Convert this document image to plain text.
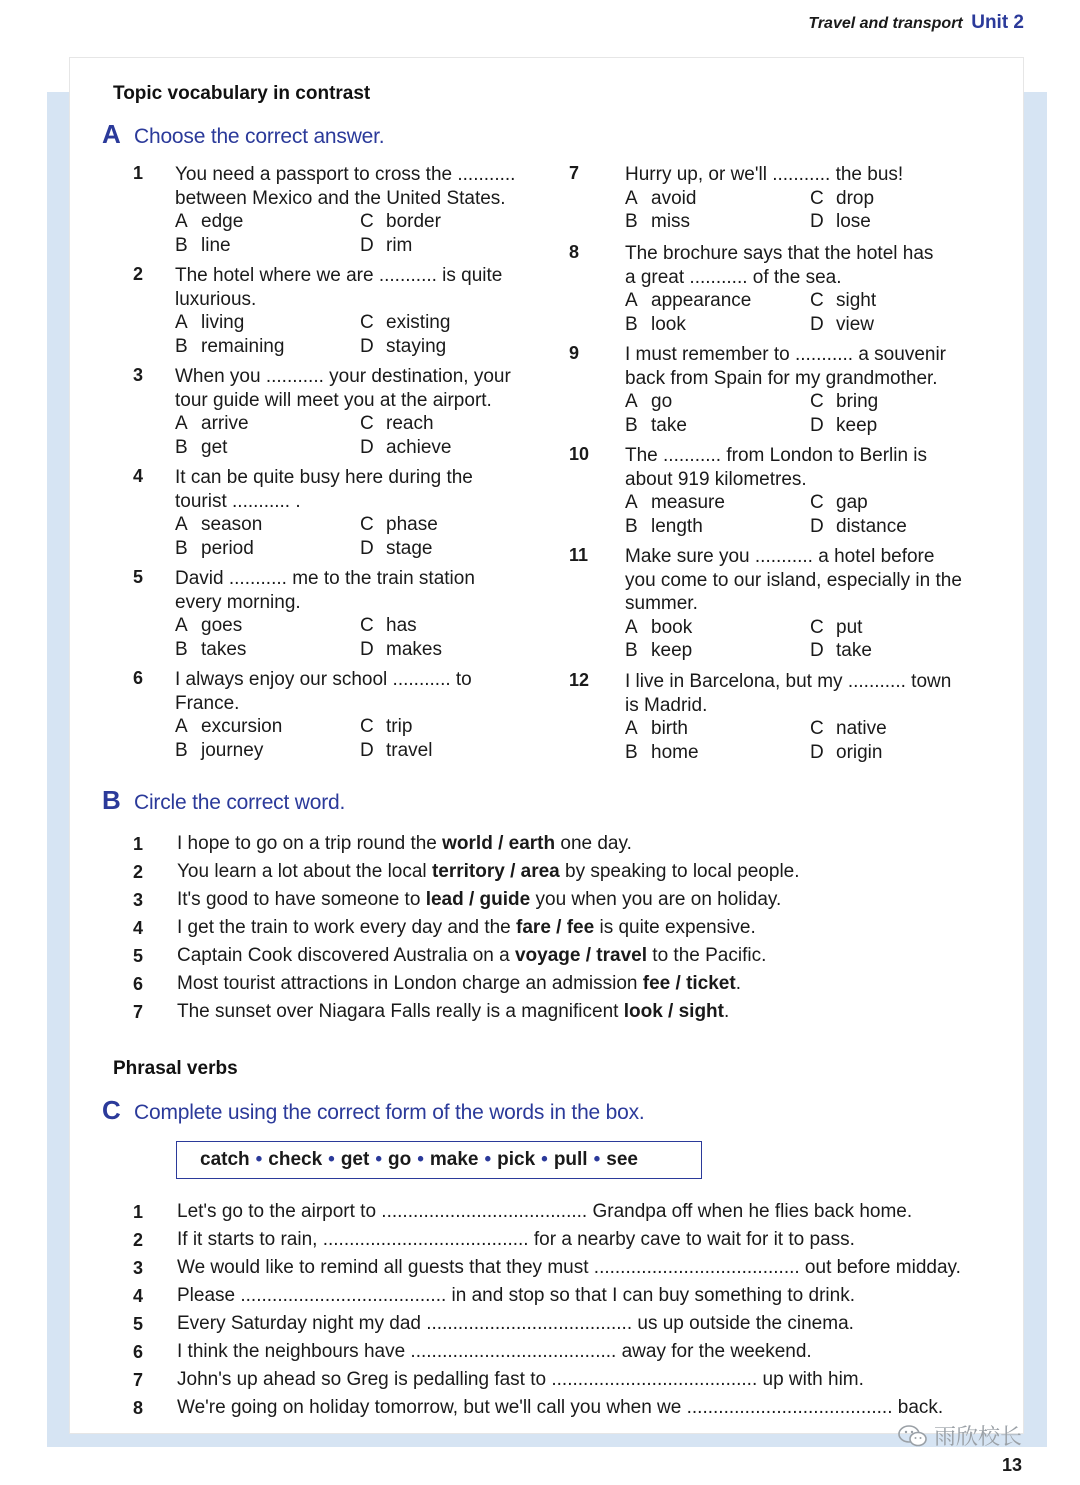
Travel and transport Unit 2
Topic vocabulary in contrast
A Choose the correct answer.
1	You need a passport to cross the ...........
between Mexico and the United States.
A edge	C border
B line	D rim
2	The hotel where we are ........... is quite
luxurious.
A living	C existing
B remaining	D staying
3	When you ........... your destination, your
tour guide will meet you at the airport.
A arrive	C reach
B get	D achieve
4	It can be quite busy here during the
tourist ........... .
A season	C phase
B period	D stage
5	David ........... me to the train station
every morning.
A goes	C has
B takes	D makes
6	I always enjoy our school ........... to
France.
A excursion	C trip
B journey	D travel
7	Hurry up, or we'll ........... the bus!
A avoid	C drop
B miss	D lose
8	The brochure says that the hotel has
a great ........... of the sea.
A appearance	C sight
B look	D view
9	I must remember to ........... a souvenir
back from Spain for my grandmother.
A go	C bring
B take	D keep
10	The ........... from London to Berlin is
about 919 kilometres.
A measure	C gap
B length	D distance
11	Make sure you ........... a hotel before
you come to our island, especially in the
summer.
A book	C put
B keep	D take
12	I live in Barcelona, but my ........... town
is Madrid.
A birth	C native
B home	D origin
B Circle the correct word.
1	I hope to go on a trip round the world / earth one day.
2	You learn a lot about the local territory / area by speaking to local people.
3	It's good to have someone to lead / guide you when you are on holiday.
4	I get the train to work every day and the fare / fee is quite expensive.
5	Captain Cook discovered Australia on a voyage / travel to the Pacific.
6	Most tourist attractions in London charge an admission fee / ticket.
7	The sunset over Niagara Falls really is a magnificent look / sight.
Phrasal verbs
C Complete using the correct form of the words in the box.
catch • check • get • go • make • pick • pull • see
1	Let's go to the airport to ....................................... Grandpa off when he flies back home.
2	If it starts to rain, ....................................... for a nearby cave to wait for it to pass.
3	We would like to remind all guests that they must ....................................... out before midday.
4	Please ....................................... in and stop so that I can buy something to drink.
5	Every Saturday night my dad ....................................... us up outside the cinema.
6	I think the neighbours have ....................................... away for the weekend.
7	John's up ahead so Greg is pedalling fast to ....................................... up with him.
8	We're going on holiday tomorrow, but we'll call you when we ....................................... back.
雨欣校长
13
